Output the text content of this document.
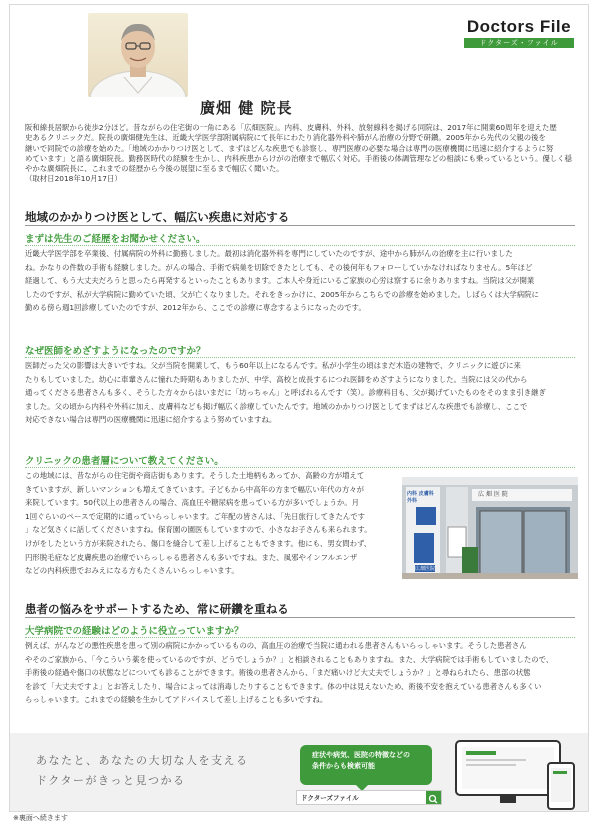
Doctors File
ドクターズ・ファイル
廣畑 健 院長
阪和線長居駅から徒歩2分ほど。昔ながらの住宅街の一角にある「広畑医院」。内科、皮膚科、外科、放射線科を掲げる同院は、2017年に開業60周年を迎えた歴
史あるクリニックだ。院長の廣畑健先生は、近畿大学医学部附属病院にて長年にわたり消化器外科や肺がん治療の分野で研鑽。2005年から先代の父親の後を
継いで同院での診療を始めた。「地域のかかりつけ医として、まずはどんな疾患でも診察し、専門医療の必要な場合は専門の医療機関に迅速に紹介するように努
めています」と語る廣畑院長。勤務医時代の経験を生かし、内科疾患からけがの治療まで幅広く対応。手術後の体調管理などの相談にも乗っているという。優しく穏
やかな廣畑院長に、これまでの経歴から今後の展望に至るまで幅広く聞いた。
（取材日2018年10月17日）
地域のかかりつけ医として、幅広い疾患に対応する
まずは先生のご経歴をお聞かせください。
近畿大学医学部を卒業後、付属病院の外科に勤務しました。最初は消化器外科を専門にしていたのですが、途中から肺がんの治療を主に行いました
ね。かなりの件数の手術も経験しました。がんの場合、手術で病巣を切除できたとしても、その後何年もフォローしていかなければなりません。5年ほど
経過して、もう大丈夫だろうと思ったら再発するといったこともあります。ご本人や身近にいるご家族の心労は察するに余りありますね。当院は父が開業
したのですが、私が大学病院に勤めていた頃、父が亡くなりました。それをきっかけに、2005年からこちらでの診療を始めました。しばらくは大学病院に
勤める傍ら週1回診療していたのですが、2012年から、ここでの診療に専念するようになったのです。
なぜ医師をめざすようになったのですか？
医師だった父の影響は大きいですね。父が当院を開業して、もう60年以上になるんです。私が小学生の頃はまだ木造の建物で、クリニックに遊びに来
たりもしていました。幼心に車輩さんに憧れた時期もありましたが、中学、高校と成長するにつれ医師をめざすようになりました。当院には父の代から
通ってくださる患者さんも多く、そうした方々からはいまだに「坊っちゃん」と呼ばれるんです（笑）。診療科目も、父が掲げていたものをそのまま引き継ぎ
ました。父の頃から内科や外科に加え、皮膚科なども掲げ幅広く診療していたんです。地域のかかりつけ医としてまずはどんな疾患でも診療し、ここで
対応できない場合は専門の医療機関に迅速に紹介するよう努めていますね。
クリニックの患者層について教えてください。
この地域には、昔ながらの住宅街や商店街もあります。そうした土地柄もあってか、高齢の方が増えて
きていますが、新しいマンションも増えてきています。子どもから中高年の方まで幅広い年代の方々が
来院しています。50代以上の患者さんの場合、高血圧や糖尿病を患っている方が多いでしょうか。月
1回ぐらいのペースで定期的に通っていらっしゃいます。ご年配の皆さんは、「先日旅行してきたんです
」など気さくに話してくださいますね。保育園の園医もしていますので、小さなお子さんも来られます。
けがをしたという方が来院されたら、傷口を縫合して差し上げることもできます。他にも、男女問わず、
円形脱毛症など皮膚疾患の治療でいらっしゃる患者さんも多いですね。また、風邪やインフルエンザ
などの内科疾患でおみえになる方もたくさんいらっしゃいます。
広 畑 医 院
内科 皮膚科 外科
広畑医院
患者の悩みをサポートするため、常に研鑽を重ねる
大学病院での経験はどのように役立っていますか？
例えば、がんなどの悪性疾患を患って別の病院にかかっているものの、高血圧の治療で当院に通われる患者さんもいらっしゃいます。そうした患者さん
やそのご家族から、「今こういう薬を使っているのですが、どうでしょうか？」と相談されることもありますね。また、大学病院では手術もしていましたので、
手術後の経過や傷口の状態などについても診ることができます。術後の患者さんから、「まだ痛いけど大丈夫でしょうか？」と尋ねられたら、患部の状態
を診て「大丈夫ですよ」とお答えしたり、場合によっては消毒したりすることもできます。体の中は見えないため、術後不安を抱えている患者さんも多くい
らっしゃいます。これまでの経験を生かしてアドバイスして差し上げることも多いですね。
あなたと、あなたの大切な人を支える
ドクターがきっと見つかる
症状や病気、医院の特徴などの
条件からも検索可能
ドクターズファイル
※裏面へ続きます
